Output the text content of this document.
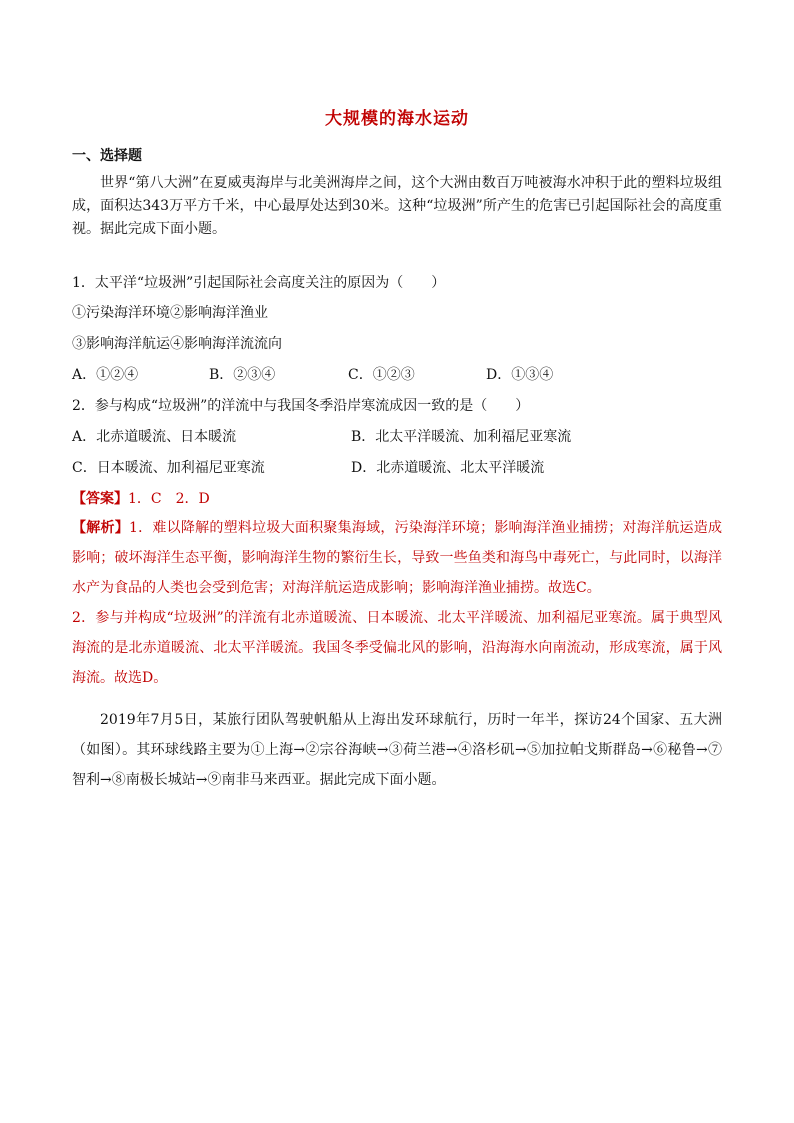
大规模的海水运动
一、选择题

世界“第八大洲”在夏威夷海岸与北美洲海岸之间，这个大洲由数百万吨被海水冲积于此的塑料垃圾组成，面积达343万平方千米，中心最厚处达到30米。这种“垃圾洲”所产生的危害已引起国际社会的高度重视。据此完成下面小题。

1．太平洋“垃圾洲”引起国际社会高度关注的原因为（　　）
①污染海洋环境②影响海洋渔业
③影响海洋航运④影响海洋流流向
A．①②④	B．②③④	C．①②③	D．①③④
2．参与构成“垃圾洲”的洋流中与我国冬季沿岸寒流成因一致的是（　　）
A．北赤道暖流、日本暖流	B．北太平洋暖流、加利福尼亚寒流
C．日本暖流、加利福尼亚寒流	D．北赤道暖流、北太平洋暖流
【答案】1．C　2．D

【解析】1．难以降解的塑料垃圾大面积聚集海域，污染海洋环境；影响海洋渔业捕捞；对海洋航运造成影响；破坏海洋生态平衡，影响海洋生物的繁衍生长，导致一些鱼类和海鸟中毒死亡，与此同时，以海洋水产为食品的人类也会受到危害；对海洋航运造成影响；影响海洋渔业捕捞。故选C。

2．参与并构成“垃圾洲”的洋流有北赤道暖流、日本暖流、北太平洋暖流、加利福尼亚寒流。属于典型风海流的是北赤道暖流、北太平洋暖流。我国冬季受偏北风的影响，沿海海水向南流动，形成寒流，属于风海流。故选D。

2019年7月5日，某旅行团队驾驶帆船从上海出发环球航行，历时一年半，探访24个国家、五大洲（如图）。其环球线路主要为①上海→②宗谷海峡→③荷兰港→④洛杉矶→⑤加拉帕戈斯群岛→⑥秘鲁→⑦智利→⑧南极长城站→⑨南非马来西亚。据此完成下面小题。
